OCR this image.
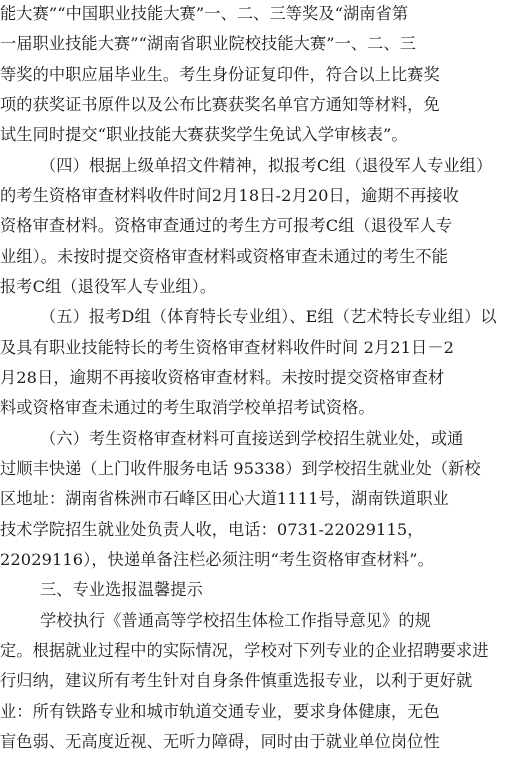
能大赛”“中国职业技能大赛”一、二、三等奖及“湖南省第
一届职业技能大赛”“湖南省职业院校技能大赛”一、二、三
等奖的中职应届毕业生。考生身份证复印件，符合以上比赛奖
项的获奖证书原件以及公布比赛获奖名单官方通知等材料，免
试生同时提交“职业技能大赛获奖学生免试入学审核表”。
（四）根据上级单招文件精神，拟报考C组（退役军人专业组）
的考生资格审查材料收件时间2月18日-2月20日，逾期不再接收
资格审查材料。资格审查通过的考生方可报考C组（退役军人专
业组）。未按时提交资格审查材料或资格审查未通过的考生不能
报考C组（退役军人专业组）。
（五）报考D组（体育特长专业组）、E组（艺术特长专业组）以
及具有职业技能特长的考生资格审查材料收件时间 2月21日－2
月28日，逾期不再接收资格审查材料。未按时提交资格审查材
料或资格审查未通过的考生取消学校单招考试资格。
（六）考生资格审查材料可直接送到学校招生就业处，或通
过顺丰快递（上门收件服务电话 95338）到学校招生就业处（新校
区地址：湖南省株洲市石峰区田心大道1111号，湖南铁道职业
技术学院招生就业处负责人收，电话：0731-22029115，
22029116），快递单备注栏必须注明“考生资格审查材料”。
三、专业选报温馨提示
学校执行《普通高等学校招生体检工作指导意见》的规
定。根据就业过程中的实际情况，学校对下列专业的企业招聘要求进
行归纳，建议所有考生针对自身条件慎重选报专业，以利于更好就
业：所有铁路专业和城市轨道交通专业，要求身体健康，无色
盲色弱、无高度近视、无听力障碍，同时由于就业单位岗位性
